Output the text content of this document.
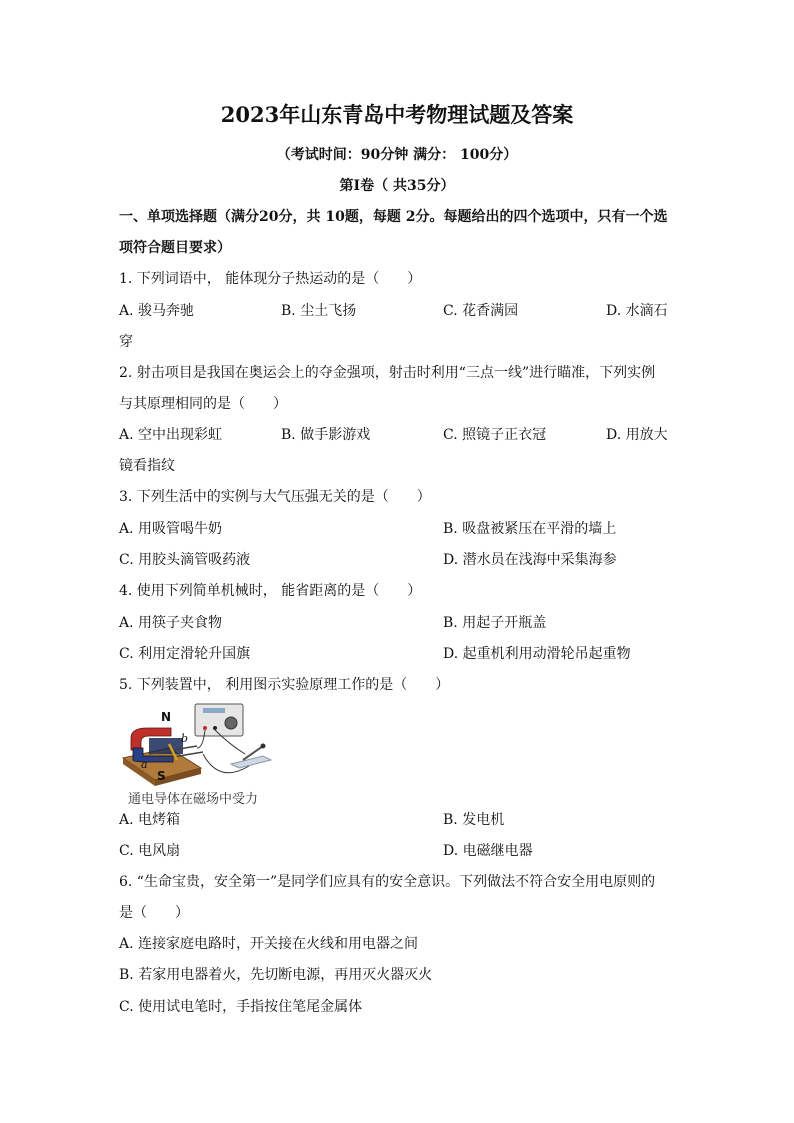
2023年山东青岛中考物理试题及答案
（考试时间：90分钟 满分： 100分）
第I卷（ 共35分）
一、单项选择题（满分20分，共 10题，每题 2分。每题给出的四个选项中，只有一个选
项符合题目要求）
1. 下列词语中， 能体现分子热运动的是（　　）
A. 骏马奔驰	B. 尘土飞扬	C. 花香满园	D. 水滴石
穿
2. 射击项目是我国在奥运会上的夺金强项，射击时利用“三点一线”进行瞄准，下列实例
与其原理相同的是（　　）
A. 空中出现彩虹	B. 做手影游戏	C. 照镜子正衣冠	D. 用放大
镜看指纹
3. 下列生活中的实例与大气压强无关的是（　　）
A. 用吸管喝牛奶	B. 吸盘被紧压在平滑的墙上
C. 用胶头滴管吸药液	D. 潜水员在浅海中采集海参
4. 使用下列简单机械时， 能省距离的是（　　）
A. 用筷子夹食物	B. 用起子开瓶盖
C. 利用定滑轮升国旗	D. 起重机利用动滑轮吊起重物
5. 下列装置中， 利用图示实验原理工作的是（　　）
N
S
b
a
通电导体在磁场中受力
A. 电烤箱	B. 发电机
C. 电风扇	D. 电磁继电器
6. “生命宝贵，安全第一”是同学们应具有的安全意识。下列做法不符合安全用电原则的
是（　　）
A. 连接家庭电路时，开关接在火线和用电器之间
B. 若家用电器着火，先切断电源，再用灭火器灭火
C. 使用试电笔时，手指按住笔尾金属体
